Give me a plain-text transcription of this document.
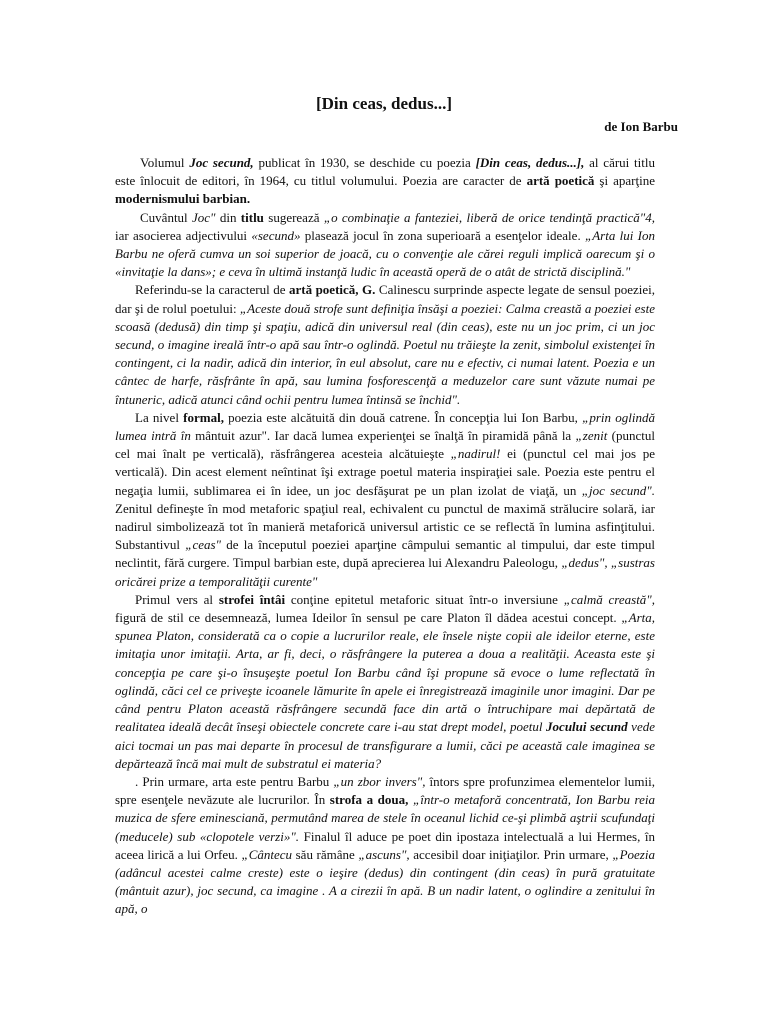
[Din ceas, dedus...]
de Ion Barbu

Volumul Joc secund, publicat în 1930, se deschide cu poezia [Din ceas, dedus...], al cărui titlu este înlocuit de editori, în 1964, cu titlul volumului. Poezia are caracter de artă poetică şi aparţine modernismului barbian.

Cuvântul Joc" din titlu sugerează „o combinaţie a fanteziei, liberă de orice tendinţă practică"4, iar asocierea adjectivului «secund» plasează jocul în zona superioară a esenţelor ideale. „Arta lui Ion Barbu ne oferă cumva un soi superior de joacă, cu o convenţie ale cărei reguli implică oarecum şi o «invitaţie la dans»; e ceva în ultimă instanţă ludic în această operă de o atât de strictă disciplină."

Referindu-se la caracterul de artă poetică, G. Calinescu surprinde aspecte legate de sensul poeziei, dar şi de rolul poetului: „Aceste două strofe sunt definiţia însăşi a poeziei: Calma creastă a poeziei este scoasă (dedusă) din timp şi spaţiu, adică din universul real (din ceas), este nu un joc prim, ci un joc secund, o imagine ireală într-o apă sau într-o oglindă. Poetul nu trăieşte la zenit, simbolul existenţei în contingent, ci la nadir, adică din interior, în eul absolut, care nu e efectiv, ci numai latent. Poezia e un cântec de harfe, răsfrânte în apă, sau lumina fosforescenţă a meduzelor care sunt văzute numai pe întuneric, adică atunci când ochii pentru lumea întinsă se închid".

La nivel formal, poezia este alcătuită din două catrene. În concepţia lui Ion Barbu, „prin oglindă lumea intră în mântuit azur". Iar dacă lumea experienţei se înalţă în piramidă până la „zenit (punctul cel mai înalt pe verticală), răsfrângerea acesteia alcătuieşte „nadirul! ei (punctul cel mai jos pe verticală). Din acest element neîntinat îşi extrage poetul materia inspiraţiei sale. Poezia este pentru el negaţia lumii, sublimarea ei în idee, un joc desfăşurat pe un plan izolat de viaţă, un „joc secund". Zenitul defineşte în mod metaforic spaţiul real, echivalent cu punctul de maximă strălucire solară, iar nadirul simbolizează tot în manieră metaforică universul artistic ce se reflectă în lumina asfinţitului. Substantivul „ceas" de la începutul poeziei aparţine câmpului semantic al timpului, dar este timpul neclintit, fără curgere. Timpul barbian este, după aprecierea lui Alexandru Paleologu, „dedus", „sustras oricărei prize a temporalităţii curente"

Primul vers al strofei întâi conţine epitetul metaforic situat într-o inversiune „calmă creastă", figură de stil ce desemnează, lumea Ideilor în sensul pe care Platon îl dădea acestui concept. „Arta, spunea Platon, considerată ca o copie a lucrurilor reale, ele însele nişte copii ale ideilor eterne, este imitaţia unor imitaţii. Arta, ar fi, deci, o răsfrângere la puterea a doua a realităţii. Aceasta este şi concepţia pe care şi-o însuşeşte poetul Ion Barbu când îşi propune să evoce o lume reflectată în oglindă, căci cel ce priveşte icoanele lămurite în apele ei înregistrează imaginile unor imagini. Dar pe când pentru Platon această răsfrângere secundă face din artă o întruchipare mai depărtată de realitatea ideală decât înseşi obiectele concrete care i-au stat drept model, poetul Jocului secund vede aici tocmai un pas mai departe în procesul de transfigurare a lumii, căci pe această cale imaginea se depărtează încă mai mult de substratul ei materia?

. Prin urmare, arta este pentru Barbu „un zbor invers", întors spre profunzimea elementelor lumii, spre esenţele nevăzute ale lucrurilor. În strofa a doua, „într-o metaforă concentrată, Ion Barbu reia muzica de sfere eminesciană, permutând marea de stele în oceanul lichid ce-şi plimbă aştrii scufundaţi (meducele) sub «clopotele verzi»". Finalul îl aduce pe poet din ipostaza intelectuală a lui Hermes, în aceea lirică a lui Orfeu. „Cântecu său rămâne „ascuns", accesibil doar iniţiaţilor. Prin urmare, „Poezia (adâncul acestei calme creste) este o ieşire (dedus) din contingent (din ceas) în pură gratuitate (mântuit azur), joc secund, ca imagine . A a cirezii în apă. B un nadir latent, o oglindire a zenitului în apă, o
